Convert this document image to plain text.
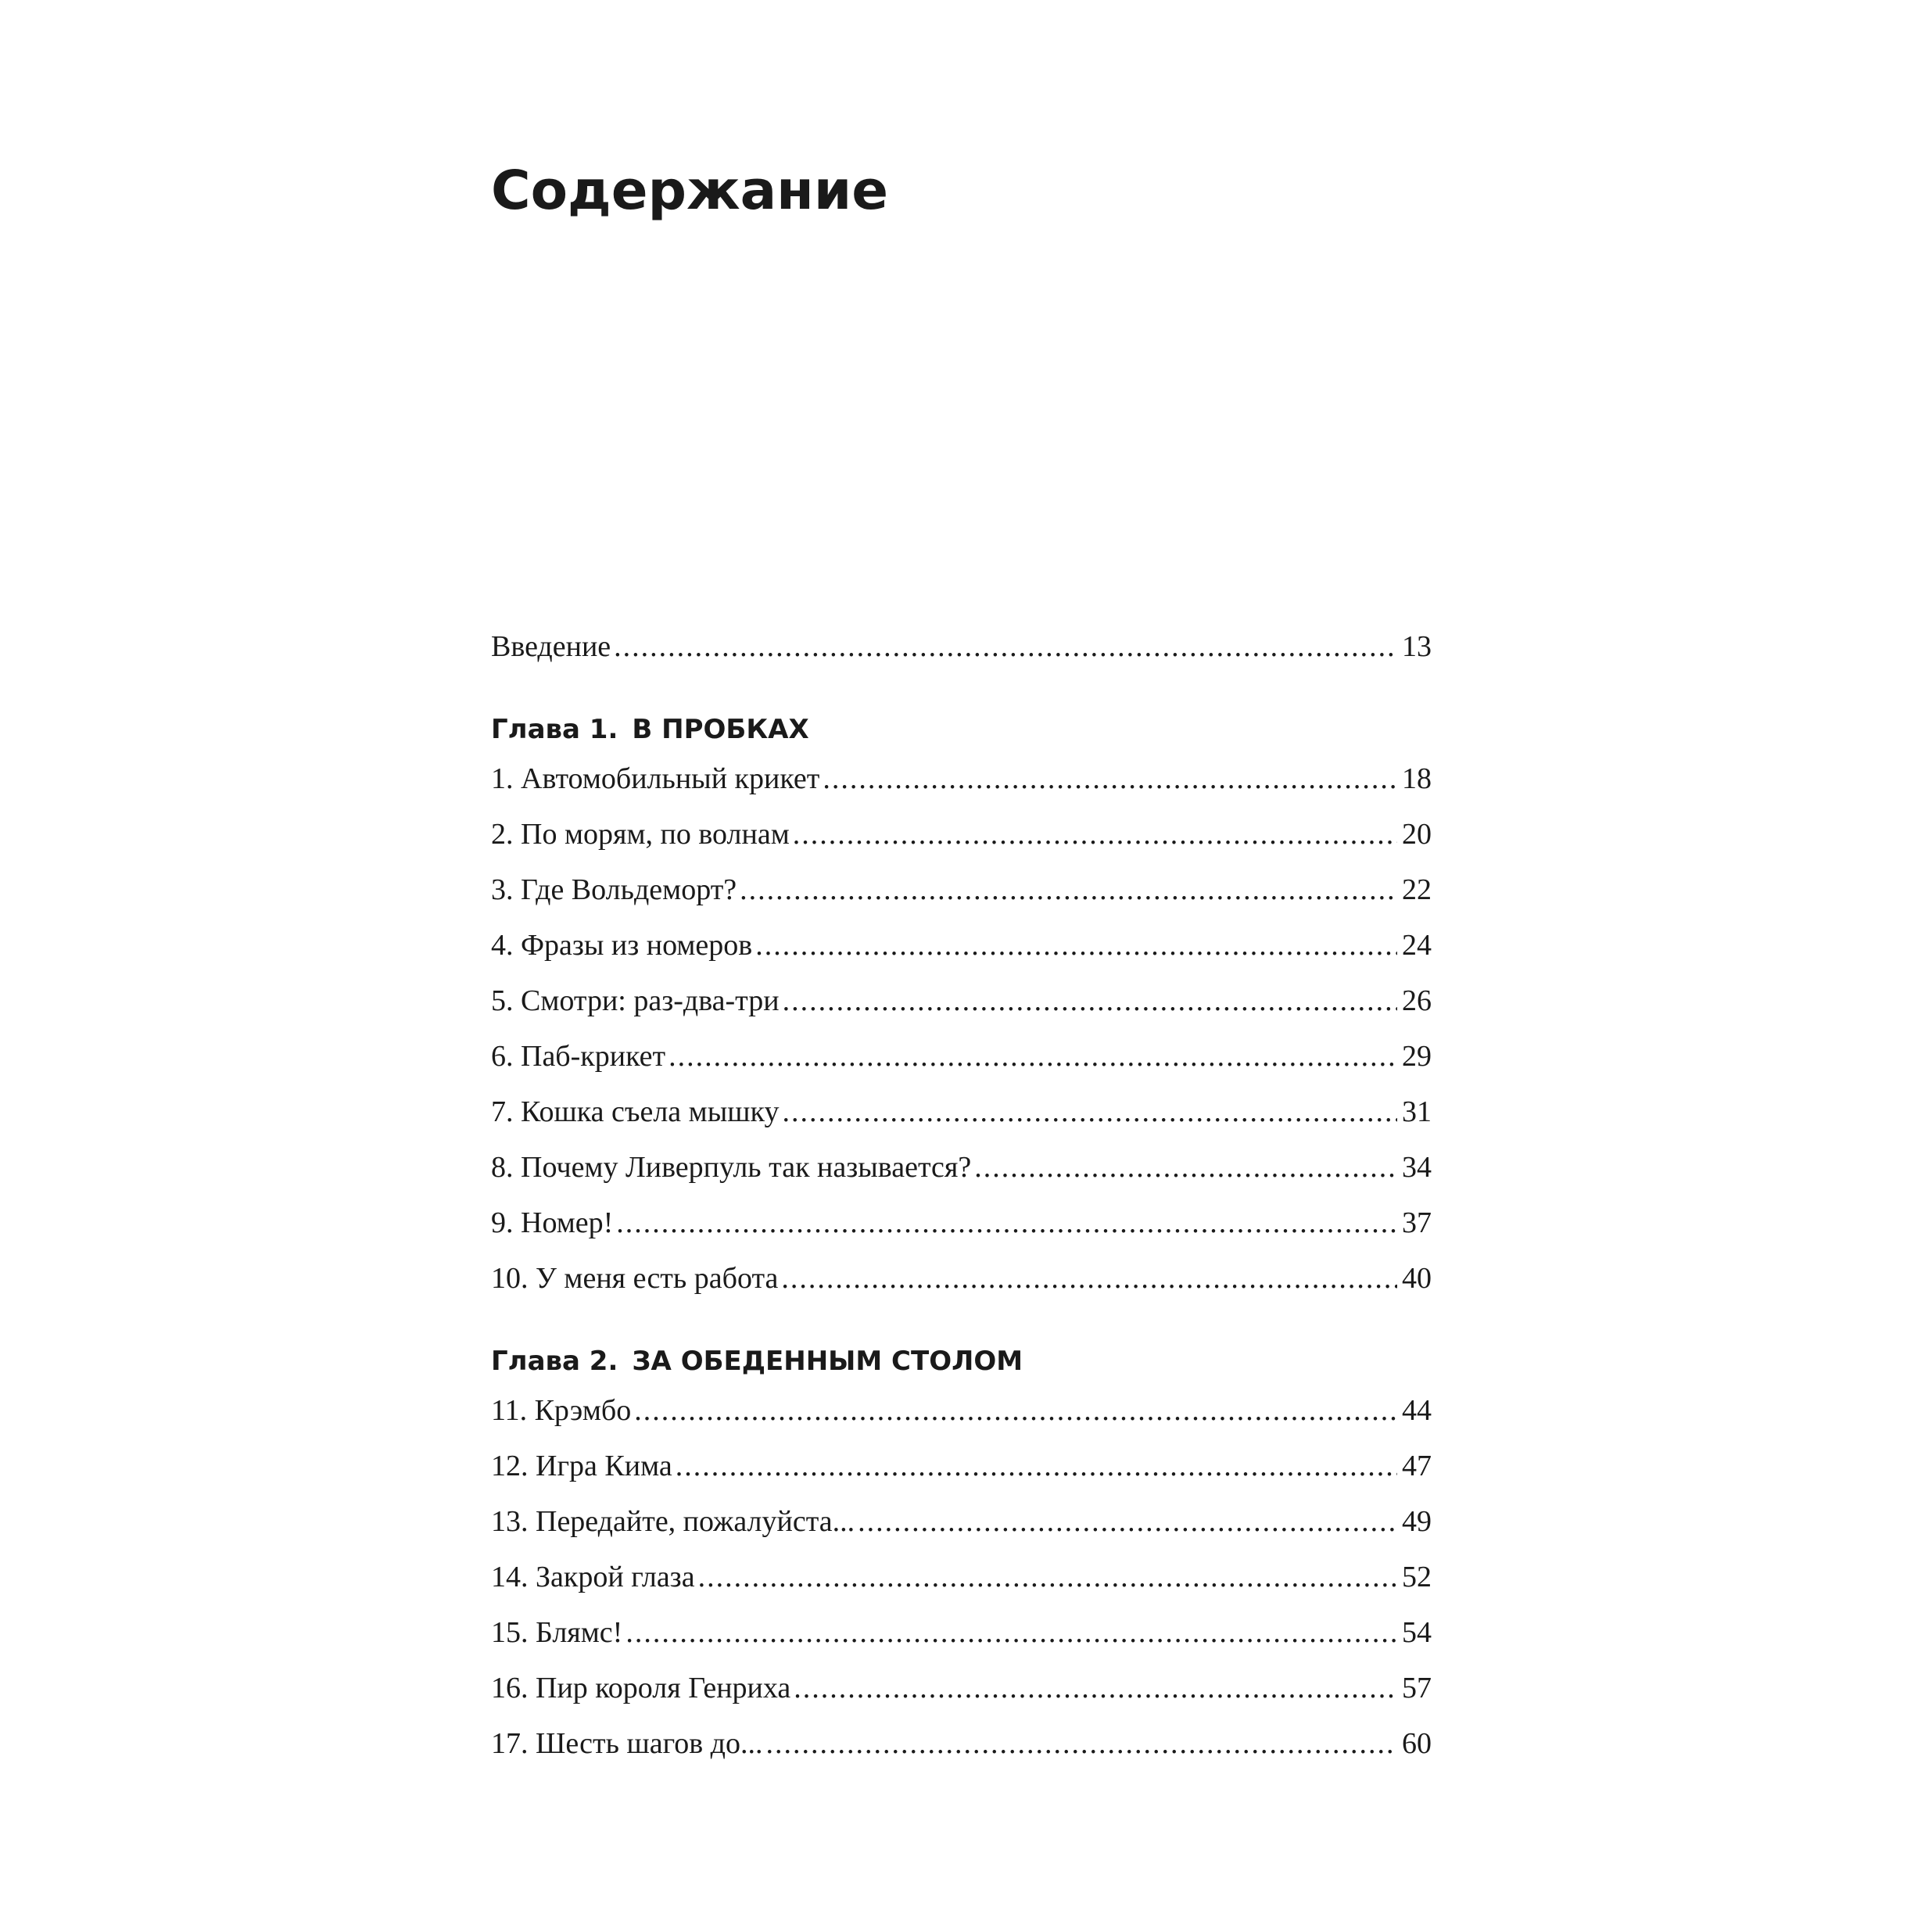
Содержание
Введение .....	13
Глава 1. В ПРОБКАХ
1. Автомобильный крикет .....	18
2. По морям, по волнам .....	20
3. Где Вольдеморт? .....	22
4. Фразы из номеров .....	24
5. Смотри: раз-два-три .....	26
6. Паб-крикет .....	29
7. Кошка съела мышку .....	31
8. Почему Ливерпуль так называется? .....	34
9. Номер! .....	37
10. У меня есть работа .....	40
Глава 2. ЗА ОБЕДЕННЫМ СТОЛОМ
11. Крэмбо .....	44
12. Игра Кима .....	47
13. Передайте, пожалуйста... .....	49
14. Закрой глаза .....	52
15. Блямс! .....	54
16. Пир короля Генриха .....	57
17. Шесть шагов до... .....	60
